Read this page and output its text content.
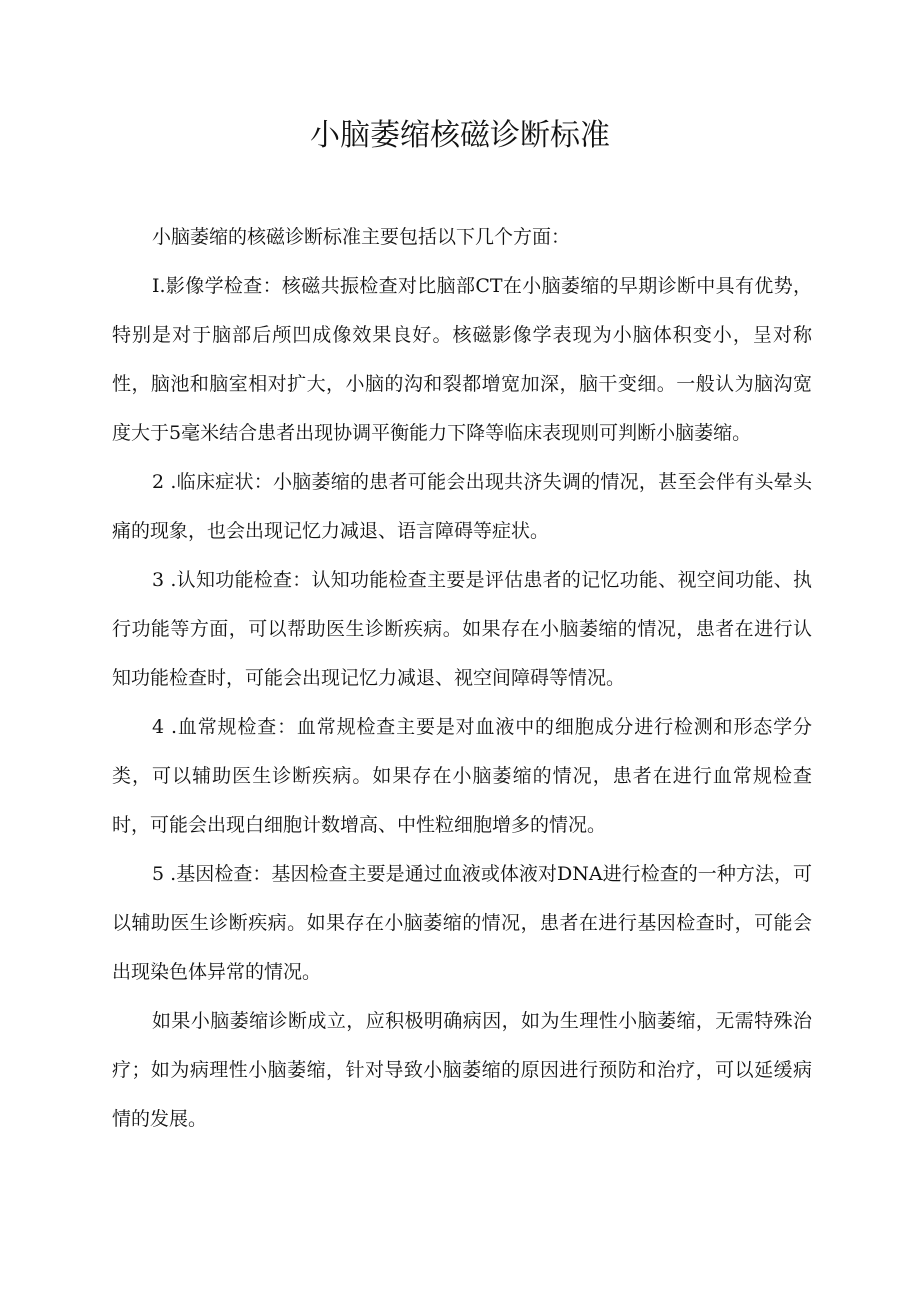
小脑萎缩核磁诊断标准

小脑萎缩的核磁诊断标准主要包括以下几个方面：

I.影像学检查：核磁共振检查对比脑部CT在小脑萎缩的早期诊断中具有优势，特别是对于脑部后颅凹成像效果良好。核磁影像学表现为小脑体积变小，呈对称性，脑池和脑室相对扩大，小脑的沟和裂都增宽加深，脑干变细。一般认为脑沟宽度大于5毫米结合患者出现协调平衡能力下降等临床表现则可判断小脑萎缩。

2 .临床症状：小脑萎缩的患者可能会出现共济失调的情况，甚至会伴有头晕头痛的现象，也会出现记忆力减退、语言障碍等症状。

3 .认知功能检查：认知功能检查主要是评估患者的记忆功能、视空间功能、执行功能等方面，可以帮助医生诊断疾病。如果存在小脑萎缩的情况，患者在进行认知功能检查时，可能会出现记忆力减退、视空间障碍等情况。

4 .血常规检查：血常规检查主要是对血液中的细胞成分进行检测和形态学分类，可以辅助医生诊断疾病。如果存在小脑萎缩的情况，患者在进行血常规检查时，可能会出现白细胞计数增高、中性粒细胞增多的情况。

5 .基因检查：基因检查主要是通过血液或体液对DNA进行检查的一种方法，可以辅助医生诊断疾病。如果存在小脑萎缩的情况，患者在进行基因检查时，可能会出现染色体异常的情况。

如果小脑萎缩诊断成立，应积极明确病因，如为生理性小脑萎缩，无需特殊治疗；如为病理性小脑萎缩，针对导致小脑萎缩的原因进行预防和治疗，可以延缓病情的发展。
